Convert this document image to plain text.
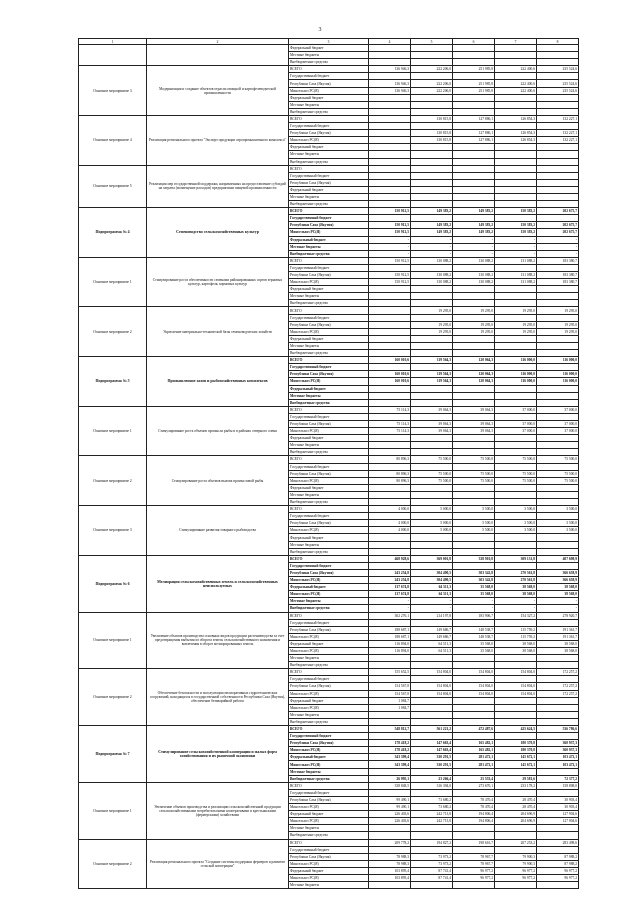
3
1	2	3	4	5	6	7	8
		Федеральный бюджет					
		Местные бюджеты					
		Внебюджетные средства					
Основное мероприятие 3	Модернизация и создание объектов отрасли овощной и картофелеводческой промышленности	ВСЕГО	136 946,3	222 206,0	251 985,8	222 400,6	235 524,6
		Государственный бюджет					
		Республики Саха (Якутия)	136 946,3	222 206,0	251 985,8	222 400,6	235 524,6
		Минсельхоз РС(Я)	136 946,3	222 206,0	251 985,8	222 400,6	235 524,6
		Федеральный бюджет					
		Местные бюджеты					
		Внебюджетные средства					
Основное мероприятие 4	Реализация регионального проекта "Экспорт продукции агропромышленного комплекса"	ВСЕГО		130 815,8	127 886,1	126 854,3	132 227,1
		Государственный бюджет					
		Республики Саха (Якутия)		130 815,8	127 886,1	126 854,3	132 227,1
		Минсельхоз РС(Я)		130 815,8	127 886,1	126 854,3	132 227,1
		Федеральный бюджет					
		Местные бюджеты					
		Внебюджетные средства					
Основное мероприятие 5	Реализация мер государственной поддержки, направленных на предоставление субсидий на затраты (возмещение расходов) предприятиям пищевой промышленности	ВСЕГО					
		Государственный бюджет					
		Республики Саха (Якутия)					
		Федеральный бюджет					
		Местные бюджеты					
		Внебюджетные средства					
Подпрограмма № 4	Семеноводство сельскохозяйственных культур	ВСЕГО	150 912,5	149 383,2	149 383,2	150 383,2	202 675,7
		Государственный бюджет					
		Республики Саха (Якутия)	150 912,5	149 383,2	149 383,2	150 383,2	202 675,7
		Минсельхоз РС(Я)	150 912,5	149 383,2	149 383,2	150 383,2	202 675,7
		Федеральный бюджет	-	-	-	-	-
		Местные бюджеты	-	-	-	-	-
		Внебюджетные средства	-	-	-	-	-
Основное мероприятие 1	Стимулирование роста обеспеченности семенами районированных сортов зерновых культур, картофеля, кормовых культур	ВСЕГО	150 912,5	130 088,2	130 088,2	131 088,2	183 380,7
		Государственный бюджет					
		Республики Саха (Якутия)	150 912,5	130 088,2	130 088,2	131 088,2	183 380,7
		Минсельхоз РС(Я)	150 912,5	130 088,2	130 088,2	131 088,2	183 380,7
		Федеральный бюджет					
		Местные бюджеты					
		Внебюджетные средства					
Основное мероприятие 2	Укрепление материально-технической базы семеноводческих хозяйств	ВСЕГО		19 295,0	19 295,0	19 295,0	19 295,0
		Государственный бюджет					
		Республики Саха (Якутия)		19 295,0	19 295,0	19 295,0	19 295,0
		Минсельхоз РС(Я)		19 295,0	19 295,0	19 295,0	19 295,0
		Федеральный бюджет					
		Местные бюджеты					
		Внебюджетные средства					
Подпрограмма № 5	Промышленное залов и рыбохозяйственных комплексов	ВСЕГО	160 010,6	119 564,3	120 064,3	116 000,0	116 000,0
		Государственный бюджет					
		Республики Саха (Якутия)	160 010,6	119 564,3	120 064,3	116 000,0	116 000,0
		Минсельхоз РС(Я)	160 010,6	119 564,3	120 064,3	116 000,0	116 000,0
		Федеральный бюджет					
		Местные бюджеты					
		Внебюджетные средства					
Основное мероприятие 1	Стимулирование роста объемов промысла рыбы и в районах северного оленя	ВСЕГО	75 114,3	39 064,3	39 064,3	37 000,0	37 000,0
		Государственный бюджет					
		Республики Саха (Якутия)	75 114,3	39 064,3	39 064,3	37 000,0	37 000,0
		Минсельхоз РС(Я)	75 114,3	39 064,3	39 064,3	37 000,0	37 000,0
		Федеральный бюджет					
		Местные бюджеты					
		Внебюджетные средства					
Основное мероприятие 2	Стимулирование роста объемов вылова промысловой рыбы	ВСЕГО	80 896,3	75 500,0	75 500,0	75 500,0	75 500,0
		Государственный бюджет					
		Республики Саха (Якутия)	80 896,3	75 500,0	75 500,0	75 500,0	75 500,0
		Минсельхоз РС(Я)	80 896,3	75 500,0	75 500,0	75 500,0	75 500,0
		Федеральный бюджет					
		Местные бюджеты					
		Внебюджетные средства					
Основное мероприятие 3	Стимулирование развития товарного рыбоводства	ВСЕГО	4 000,0	5 000,0	5 500,0	3 500,0	3 500,0
		Государственный бюджет					
		Республики Саха (Якутия)	4 000,0	5 000,0	5 500,0	3 500,0	3 500,0
		Минсельхоз РС(Я)	4 000,0	5 000,0	5 500,0	3 500,0	3 500,0
		Федеральный бюджет					
		Местные бюджеты					
		Внебюджетные средства					
Подпрограмма № 6	Мелиорация сельскохозяйственных земель и сельскохозяйственных неиспользуемых	ВСЕГО	468 928,6	369 001,8	338 910,8	309 131,8	407 698,9
		Государственный бюджет					
		Республики Саха (Якутия)	243 254,8	304 490,5	303 342,8	270 561,8	366 658,9
		Минсельхоз РС(Я)	243 254,8	304 490,5	303 342,8	270 561,8	366 658,9
		Федеральный бюджет	137 674,8	64 511,3	35 568,0	38 568,0	38 568,0
		Минсельхоз РС(Я)	137 674,8	64 511,3	35 568,0	38 568,0	38 568,0
		Местные бюджеты	-	-	-	-	-
		Внебюджетные средства	-	-	-	-	-
Основное мероприятие 1	Увеличение объемов производства основных видов продукции растениеводства за счет предотвращения выбытия из оборота земель сельскохозяйственного назначения и вовлечения в оборот мелиорированных земель	ВСЕГО	302 276,1	214 197,8	183 906,7	154 327,2	278 920,7
		Государственный бюджет					
		Республики Саха (Якутия)	188 687,1	149 686,7	148 538,7	115 759,2	191 361,7
		Минсельхоз РС(Я)	188 687,1	149 686,7	148 538,7	115 759,2	191 361,7
		Федеральный бюджет	116 894,0	64 511,3	35 568,0	38 568,0	38 568,0
		Минсельхоз РС(Я)	116 894,0	64 511,3	35 568,0	38 568,0	38 568,0
		Местные бюджеты					
		Внебюджетные средства					
Основное мероприятие 2	Обеспечение безопасности и эксплуатации мелиоративных гидротехнических сооружений, находящихся в государственной собственности Республики Саха (Якутия), обеспечение безаварийной работы	ВСЕГО	155 652,5	154 804,0	154 804,0	154 804,0	172 257,2
		Государственный бюджет					
		Республики Саха (Якутия)	154 567,8	154 804,0	154 804,0	154 804,0	172 257,2
		Минсельхоз РС(Я)	154 567,8	154 804,0	154 804,0	154 804,0	172 257,2
		Федеральный бюджет	1 084,7				
		Минсельхоз РС(Я)	1 084,7				
		Местные бюджеты					
		Внебюджетные средства					
Подпрограмма № 7	Стимулирование сельскохозяйственной кооперации и малых форм хозяйствования и их рыночной экономики	ВСЕГО	548 812,7	561 221,2	472 487,6	425 624,5	536 786,6
		Государственный бюджет					
		Республики Саха (Якутия)	178 418,2	147 663,4	165 482,1	180 370,8	360 937,3
		Минсельхоз РС(Я)	178 418,2	147 663,4	165 482,1	180 370,8	360 937,3
		Федеральный бюджет	343 399,4	330 291,5	281 472,1	145 672,1	103 472,1
		Минсельхоз РС(Я)	343 399,4	330 291,5	281 472,1	145 672,1	103 472,1
		Местные бюджеты					
		Внебюджетные средства	26 995,1	23 266,4	25 533,4	29 581,6	72 377,2
Основное мероприятие 1	Увеличение объемов производства и реализации сельскохозяйственной продукции сельскохозяйственными потребительскими кооперативами и крестьянскими (фермерскими) хозяйствами	ВСЕГО	338 848,5	316 394,0	273 670,1	233 178,2	158 808,0
		Государственный бюджет					
		Республики Саха (Якутия)	99 490,1	73 680,2	78 470,4	28 470,4	30 903,4
		Минсельхоз РС(Я)	99 490,1	73 680,2	78 470,4	28 470,4	30 903,4
		Федеральный бюджет	226 403,6	242 713,8	194 806,4	204 696,9	127 904,6
		Минсельхоз РС(Я)	226 403,6	242 713,8	194 806,4	204 696,9	127 904,6
		Местные бюджеты					
		Внебюджетные средства					
Основное мероприятие 2	Реализация регионального проекта "Создание системы поддержки фермеров и развитие сельской кооперации"	ВСЕГО	209 778,2	194 827,2	198 616,7	207 253,2	283 498,6
		Государственный бюджет					
		Республики Саха (Якутия)	78 988,3	73 973,2	78 967,7	79 900,3	87 988,2
		Минсельхоз РС(Я)	78 988,3	73 973,2	78 967,7	79 900,3	87 988,2
		Федеральный бюджет	103 895,4	87 741,4	96 977,2	96 977,2	96 977,2
		Минсельхоз РС(Я)	103 895,4	87 741,4	96 977,2	96 977,2	96 977,2
		Местные бюджеты					
